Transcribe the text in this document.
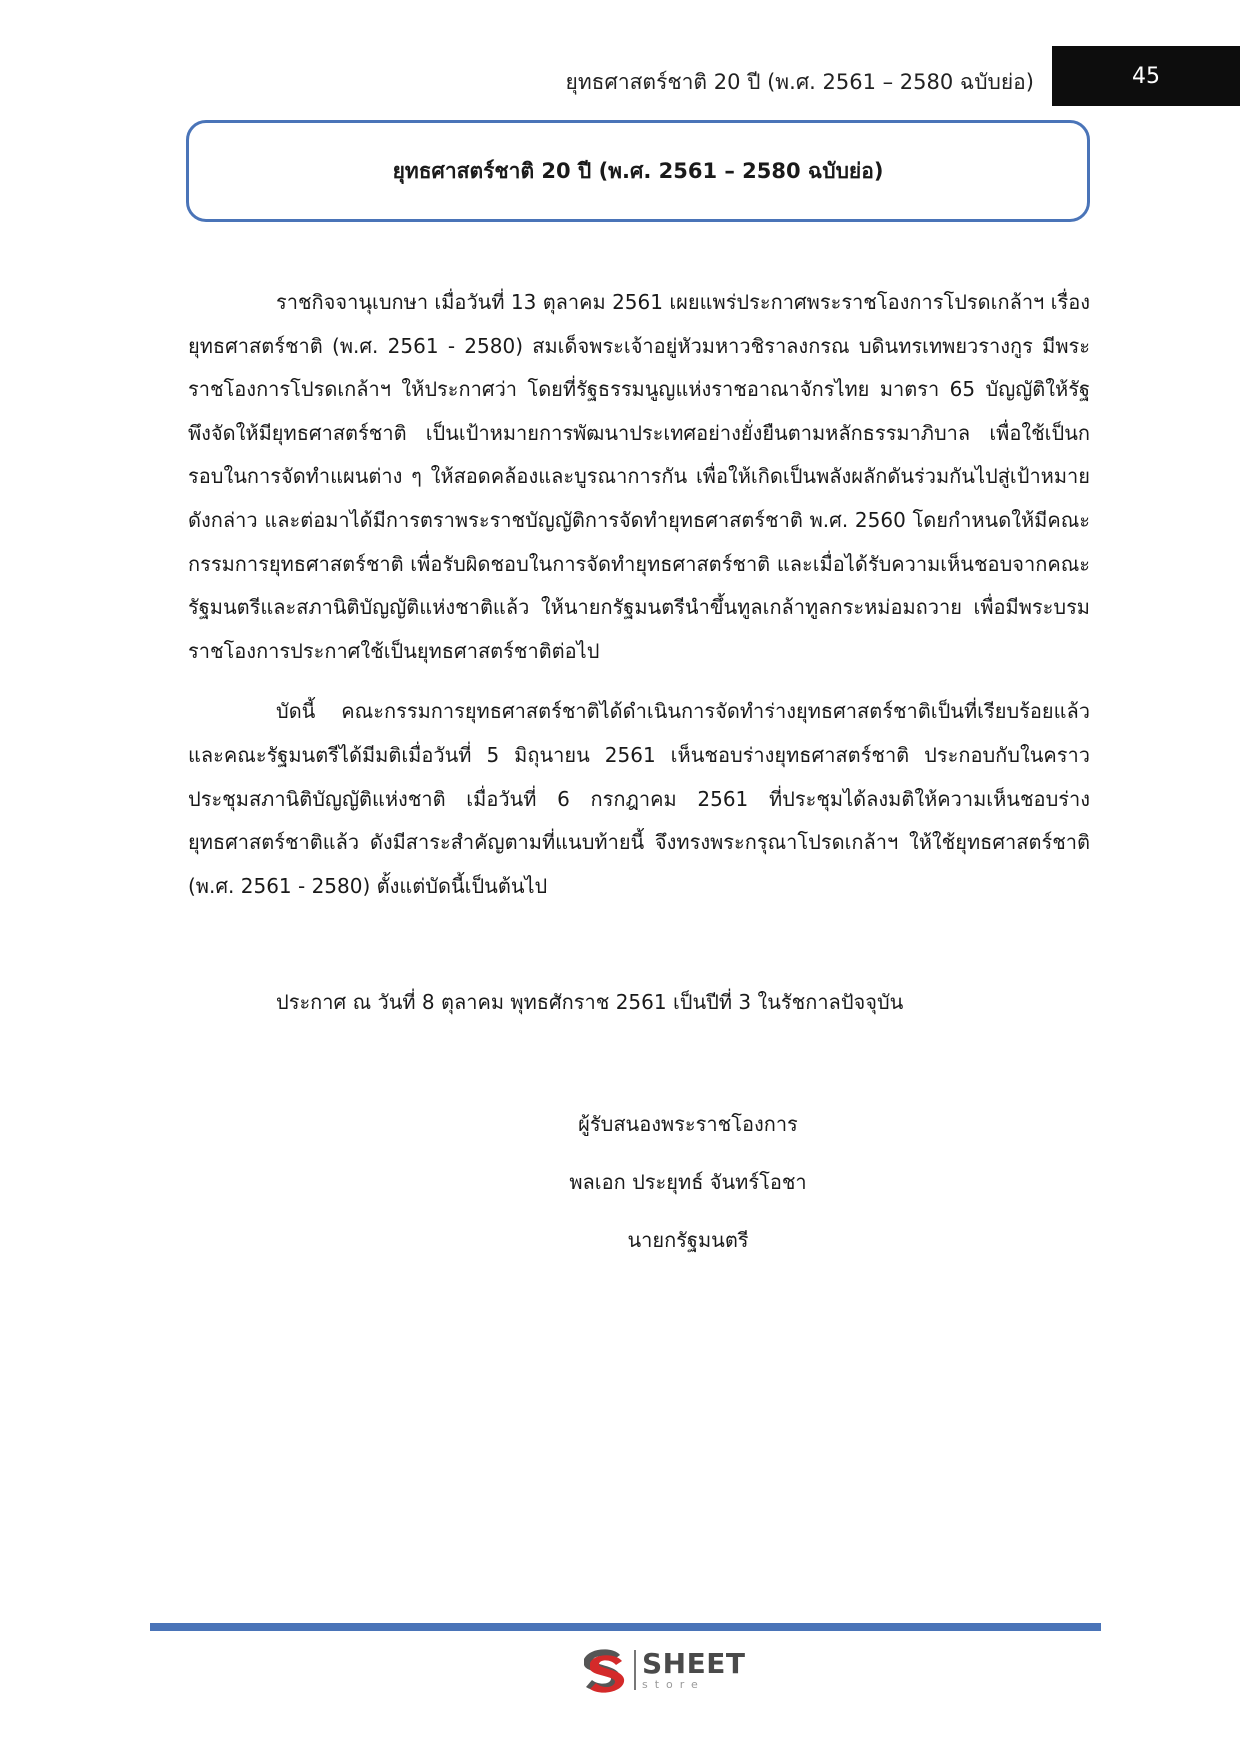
ยุทธศาสตร์ชาติ 20 ปี (พ.ศ. 2561 – 2580 ฉบับย่อ)	45
ยุทธศาสตร์ชาติ 20 ปี (พ.ศ. 2561 – 2580 ฉบับย่อ)

ราชกิจจานุเบกษา เมื่อวันที่ 13 ตุลาคม 2561 เผยแพร่ประกาศพระราชโองการโปรดเกล้าฯ เรื่อง ยุทธศาสตร์ชาติ (พ.ศ. 2561 - 2580) สมเด็จพระเจ้าอยู่หัวมหาวชิราลงกรณ บดินทรเทพยวรางกูร มีพระราชโองการโปรดเกล้าฯ ให้ประกาศว่า โดยที่รัฐธรรมนูญแห่งราชอาณาจักรไทย มาตรา 65 บัญญัติให้รัฐพึงจัดให้มียุทธศาสตร์ชาติ เป็นเป้าหมายการพัฒนาประเทศอย่างยั่งยืนตามหลักธรรมาภิบาล เพื่อใช้เป็นกรอบในการจัดทำแผนต่าง ๆ ให้สอดคล้องและบูรณาการกัน เพื่อให้เกิดเป็นพลังผลักดันร่วมกันไปสู่เป้าหมายดังกล่าว และต่อมาได้มีการตราพระราชบัญญัติการจัดทำยุทธศาสตร์ชาติ พ.ศ. 2560 โดยกำหนดให้มีคณะกรรมการยุทธศาสตร์ชาติ เพื่อรับผิดชอบในการจัดทำยุทธศาสตร์ชาติ และเมื่อได้รับความเห็นชอบจากคณะรัฐมนตรีและสภานิติบัญญัติแห่งชาติแล้ว ให้นายกรัฐมนตรีนำขึ้นทูลเกล้าทูลกระหม่อมถวาย เพื่อมีพระบรมราชโองการประกาศใช้เป็นยุทธศาสตร์ชาติต่อไป

บัดนี้ คณะกรรมการยุทธศาสตร์ชาติได้ดำเนินการจัดทำร่างยุทธศาสตร์ชาติเป็นที่เรียบร้อยแล้ว และคณะรัฐมนตรีได้มีมติเมื่อวันที่ 5 มิถุนายน 2561 เห็นชอบร่างยุทธศาสตร์ชาติ ประกอบกับในคราวประชุมสภานิติบัญญัติแห่งชาติ เมื่อวันที่ 6 กรกฎาคม 2561 ที่ประชุมได้ลงมติให้ความเห็นชอบร่างยุทธศาสตร์ชาติแล้ว ดังมีสาระสำคัญตามที่แนบท้ายนี้ จึงทรงพระกรุณาโปรดเกล้าฯ ให้ใช้ยุทธศาสตร์ชาติ (พ.ศ. 2561 - 2580) ตั้งแต่บัดนี้เป็นต้นไป

ประกาศ ณ วันที่ 8 ตุลาคม พุทธศักราช 2561 เป็นปีที่ 3 ในรัชกาลปัจจุบัน
ผู้รับสนองพระราชโองการ
พลเอก ประยุทธ์ จันทร์โอชา
นายกรัฐมนตรี
SHEET
store
